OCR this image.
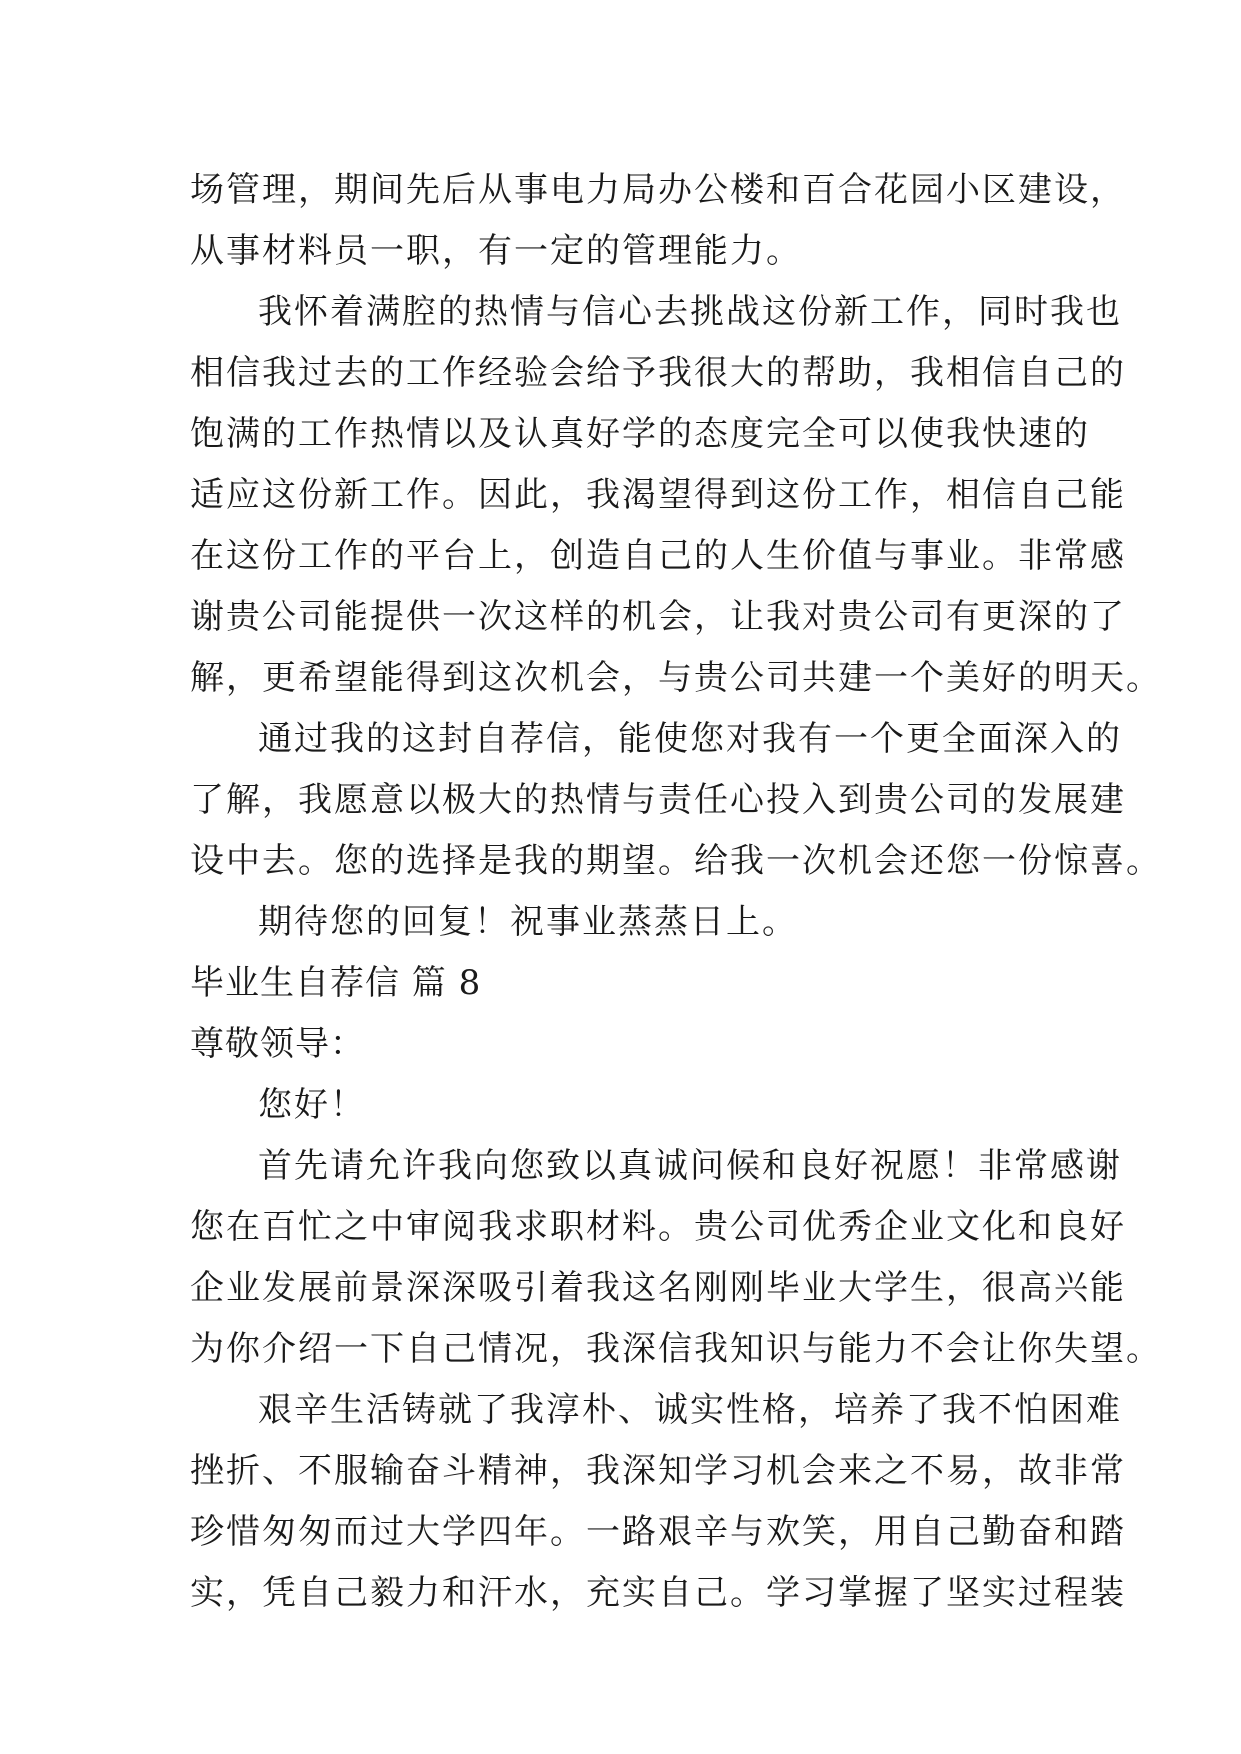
场管理，期间先后从事电力局办公楼和百合花园小区建设，
从事材料员一职，有一定的管理能力。
我怀着满腔的热情与信心去挑战这份新工作，同时我也
相信我过去的工作经验会给予我很大的帮助，我相信自己的
饱满的工作热情以及认真好学的态度完全可以使我快速的
适应这份新工作。因此，我渴望得到这份工作，相信自己能
在这份工作的平台上，创造自己的人生价值与事业。非常感
谢贵公司能提供一次这样的机会，让我对贵公司有更深的了
解，更希望能得到这次机会，与贵公司共建一个美好的明天。
通过我的这封自荐信，能使您对我有一个更全面深入的
了解，我愿意以极大的热情与责任心投入到贵公司的发展建
设中去。您的选择是我的期望。给我一次机会还您一份惊喜。
期待您的回复！祝事业蒸蒸日上。
毕业生自荐信 篇 8
尊敬领导：
您好！
首先请允许我向您致以真诚问候和良好祝愿！非常感谢
您在百忙之中审阅我求职材料。贵公司优秀企业文化和良好
企业发展前景深深吸引着我这名刚刚毕业大学生，很高兴能
为你介绍一下自己情况，我深信我知识与能力不会让你失望。
艰辛生活铸就了我淳朴、诚实性格，培养了我不怕困难
挫折、不服输奋斗精神，我深知学习机会来之不易，故非常
珍惜匆匆而过大学四年。一路艰辛与欢笑，用自己勤奋和踏
实，凭自己毅力和汗水，充实自己。学习掌握了坚实过程装
